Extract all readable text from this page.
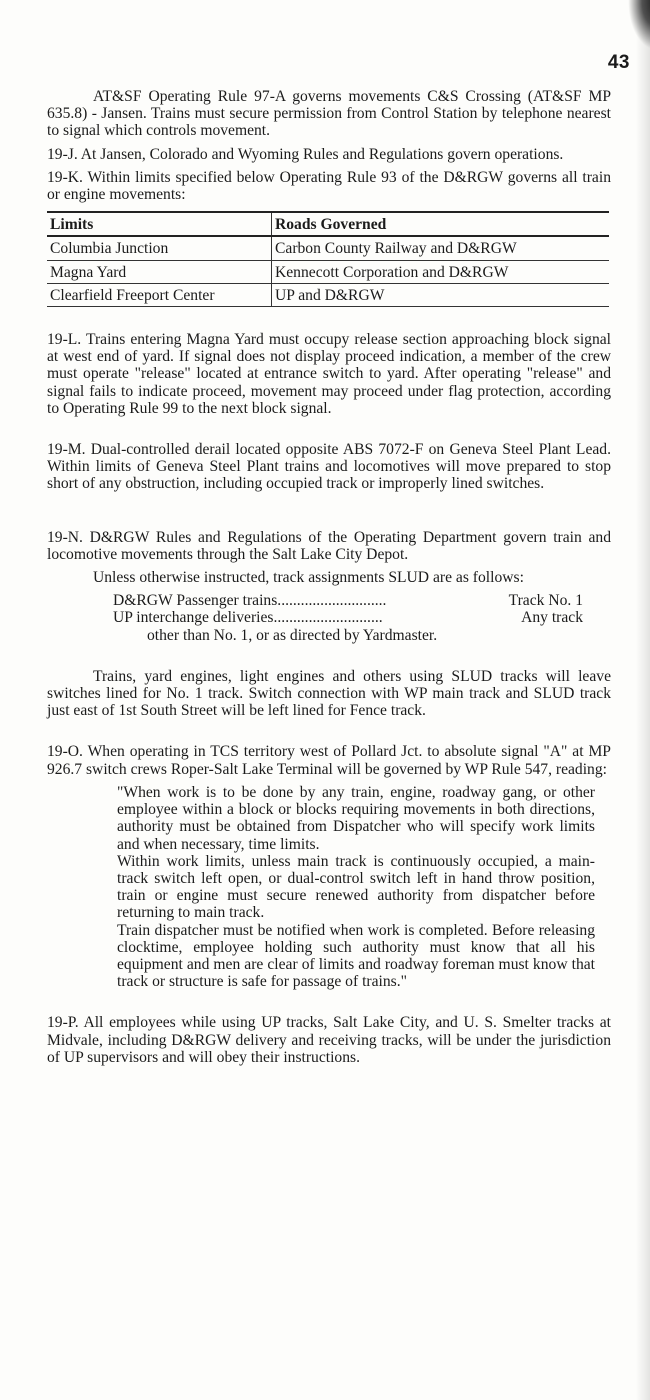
43

AT&SF Operating Rule 97-A governs movements C&S Crossing (AT&SF MP 635.8) - Jansen. Trains must secure permission from Control Station by telephone nearest to signal which controls movement.

19-J. At Jansen, Colorado and Wyoming Rules and Regulations govern operations.

19-K. Within limits specified below Operating Rule 93 of the D&RGW governs all train or engine movements:

Limits	Roads Governed
Columbia Junction	Carbon County Railway and D&RGW
Magna Yard	Kennecott Corporation and D&RGW
Clearfield Freeport Center	UP and D&RGW

19-L. Trains entering Magna Yard must occupy release section approaching block signal at west end of yard. If signal does not display proceed indication, a member of the crew must operate "release" located at entrance switch to yard. After operating "release" and signal fails to indicate proceed, movement may proceed under flag protection, according to Operating Rule 99 to the next block signal.

19-M. Dual-controlled derail located opposite ABS 7072-F on Geneva Steel Plant Lead. Within limits of Geneva Steel Plant trains and locomotives will move prepared to stop short of any obstruction, including occupied track or improperly lined switches.

19-N. D&RGW Rules and Regulations of the Operating Department govern train and locomotive movements through the Salt Lake City Depot.

Unless otherwise instructed, track assignments SLUD are as follows:

D&RGW Passenger trains............................	Track No. 1
UP interchange deliveries............................	Any track
other than No. 1, or as directed by Yardmaster.

Trains, yard engines, light engines and others using SLUD tracks will leave switches lined for No. 1 track. Switch connection with WP main track and SLUD track just east of 1st South Street will be left lined for Fence track.

19-O. When operating in TCS territory west of Pollard Jct. to absolute signal "A" at MP 926.7 switch crews Roper-Salt Lake Terminal will be governed by WP Rule 547, reading:

"When work is to be done by any train, engine, roadway gang, or other employee within a block or blocks requiring movements in both directions, authority must be obtained from Dispatcher who will specify work limits and when necessary, time limits.

Within work limits, unless main track is continuously occupied, a main-track switch left open, or dual-control switch left in hand throw position, train or engine must secure renewed authority from dispatcher before returning to main track.

Train dispatcher must be notified when work is completed. Before releasing clocktime, employee holding such authority must know that all his equipment and men are clear of limits and roadway foreman must know that track or structure is safe for passage of trains."

19-P. All employees while using UP tracks, Salt Lake City, and U. S. Smelter tracks at Midvale, including D&RGW delivery and receiving tracks, will be under the jurisdiction of UP supervisors and will obey their instructions.
